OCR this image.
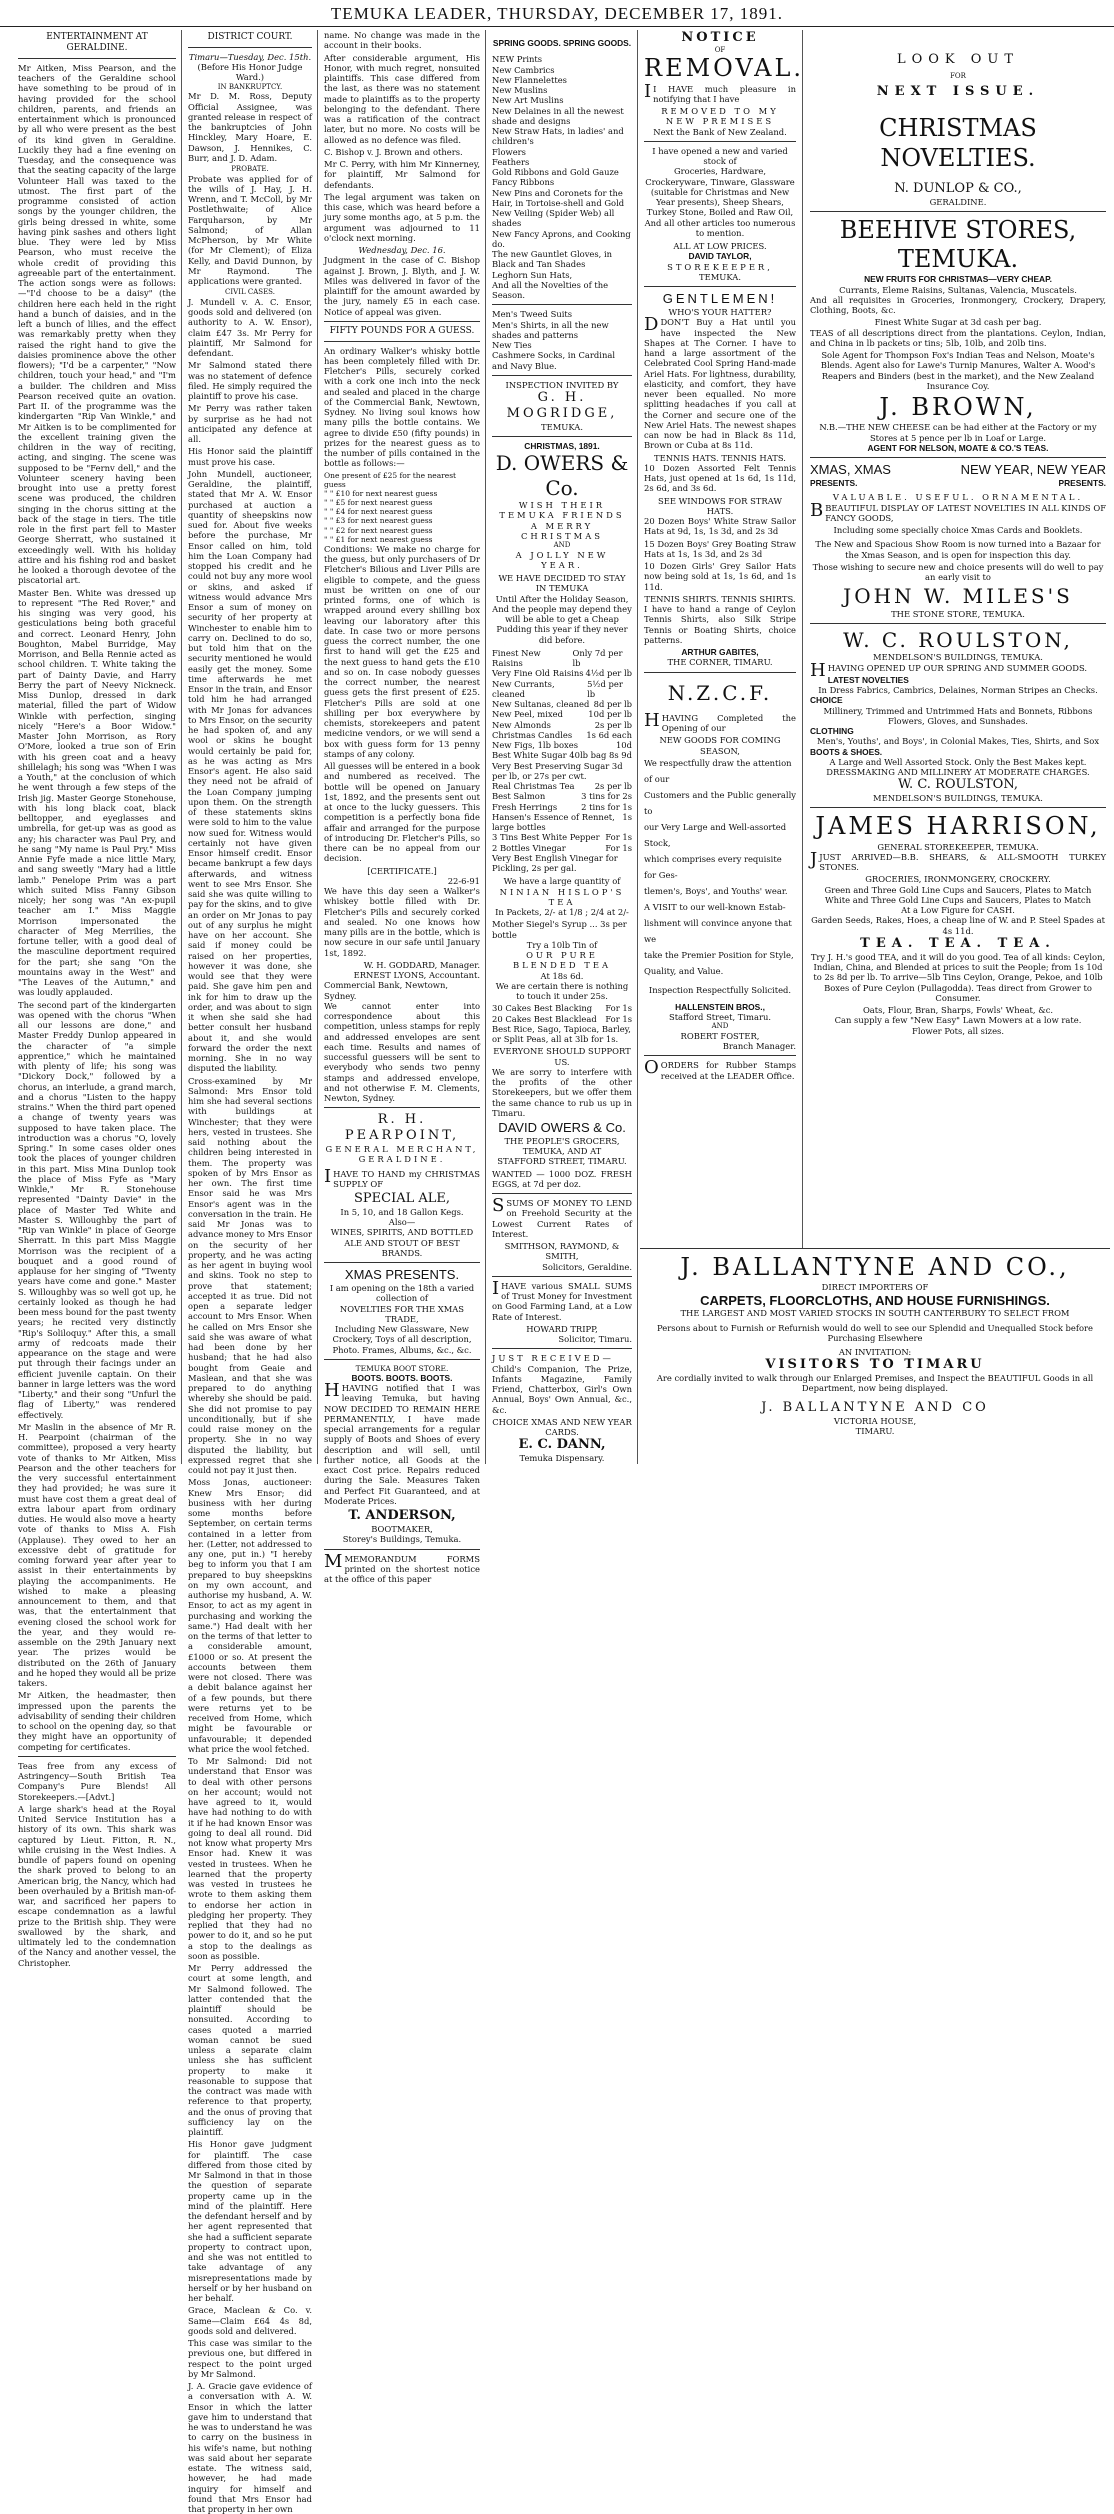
TEMUKA LEADER, THURSDAY, DECEMBER 17, 1891.
ENTERTAINMENT AT GERALDINE.

Mr Aitken, Miss Pearson, and the teachers of the Geraldine school have something to be proud of in having provided for the school children, parents, and friends an entertainment which is pronounced by all who were present as the best of its kind given in Geraldine. Luckily they had a fine evening on Tuesday, and the consequence was that the seating capacity of the large Volunteer Hall was taxed to the utmost. The first part of the programme consisted of action songs by the younger children, the girls being dressed in white, some having pink sashes and others light blue. They were led by Miss Pearson, who must receive the whole credit of providing this agreeable part of the entertainment. The action songs were as follows:—"I'd choose to be a daisy" (the children here each held in the right hand a bunch of daisies, and in the left a bunch of lilies, and the effect was remarkably pretty when they raised the right hand to give the daisies prominence above the other flowers); "I'd be a carpenter," "Now children, touch your head," and "I'm a builder. The children and Miss Pearson received quite an ovation. Part II. of the programme was the kindergarten "Rip Van Winkle," and Mr Aitken is to be complimented for the excellent training given the children in the way of reciting, acting, and singing. The scene was supposed to be "Fernv dell," and the Volunteer scenery having been brought into use a pretty forest scene was produced, the children singing in the chorus sitting at the back of the stage in tiers. The title role in the first part fell to Master George Sherratt, who sustained it exceedingly well. With his holiday attire and his fishing rod and basket he looked a thorough devotee of the piscatorial art.

Master Ben. White was dressed up to represent "The Red Rover," and his singing was very good, his gesticulations being both graceful and correct. Leonard Henry, John Boughton, Mabel Burridge, May Morrison, and Bella Rennie acted as school children. T. White taking the part of Dainty Davie, and Harry Berry the part of Neevy Nickneck. Miss Dunlop, dressed in dark material, filled the part of Widow Winkle with perfection, singing nicely "Here's a Boor Widow." Master John Morrison, as Rory O'More, looked a true son of Erin with his green coat and a heavy shillelagh; his song was "When I was a Youth," at the conclusion of which he went through a few steps of the Irish jig. Master George Stonehouse, with his long black coat, black belltopper, and eyeglasses and umbrella, for get-up was as good as any; his character was Paul Pry, and he sang "My name is Paul Pry." Miss Annie Fyfe made a nice little Mary, and sang sweetly "Mary had a little lamb." Penelope Prim was a part which suited Miss Fanny Gibson nicely; her song was "An ex-pupil teacher am I." Miss Maggie Morrison impersonated the character of Meg Merrilies, the fortune teller, with a good deal of the masculine deportment required for the part; she sang "On the mountains away in the West" and "The Leaves of the Autumn," and was loudly applauded.

The second part of the kindergarten was opened with the chorus "When all our lessons are done," and Master Freddy Dunlop appeared in the character of "a simple apprentice," which he maintained with plenty of life; his song was "Dickory Dock," followed by a chorus, an interlude, a grand march, and a chorus "Listen to the happy strains." When the third part opened a change of twenty years was supposed to have taken place. The introduction was a chorus "O, lovely Spring." In some cases older ones took the places of younger children in this part. Miss Mina Dunlop took the place of Miss Fyfe as "Mary Winkle," Mr R. Stonehouse represented "Dainty Davie" in the place of Master Ted White and Master S. Willoughby the part of "Rip van Winkle" in place of George Sherratt. In this part Miss Maggie Morrison was the recipient of a bouquet and a good round of applause for her singing of "Twenty years have come and gone." Master S. Willoughby was so well got up, he certainly looked as though he had been mess bound for the past twenty years; he recited very distinctly "Rip's Soliloquy." After this, a small army of redcoats made their appearance on the stage and were put through their facings under an efficient juvenile captain. On their banner in large letters was the word "Liberty," and their song "Unfurl the flag of Liberty," was rendered effectively.

Mr Maslin in the absence of Mr R. H. Pearpoint (chairman of the committee), proposed a very hearty vote of thanks to Mr Aitken, Miss Pearson and the other teachers for the very successful entertainment they had provided; he was sure it must have cost them a great deal of extra labour apart from ordinary duties. He would also move a hearty vote of thanks to Miss A. Fish (Applause). They owed to her an excessive debt of gratitude for coming forward year after year to assist in their entertainments by playing the accompaniments. He wished to make a pleasing announcement to them, and that was, that the entertainment that evening closed the school work for the year, and they would re-assemble on the 29th January next year. The prizes would be distributed on the 26th of January and he hoped they would all be prize takers.

Mr Aitken, the headmaster, then impressed upon the parents the advisability of sending their children to school on the opening day, so that they might have an opportunity of competing for certificates.

Teas free from any excess of Astringency—South British Tea Company's Pure Blends! All Storekeepers.—[Advt.]

A large shark's head at the Royal United Service Institution has a history of its own. This shark was captured by Lieut. Fitton, R. N., while cruising in the West Indies. A bundle of papers found on opening the shark proved to belong to an American brig, the Nancy, which had been overhauled by a British man-of-war, and sacrificed her papers to escape condemnation as a lawful prize to the British ship. They were swallowed by the shark, and ultimately led to the condemnation of the Nancy and another vessel, the Christopher.

DISTRICT COURT.
Timaru—Tuesday, Dec. 15th.
(Before His Honor Judge Ward.)
IN BANKRUPTCY.

Mr D. M. Ross, Deputy Official Assignee, was granted release in respect of the bankruptcies of John Hinckley, Mary Hoare, E. Dawson, J. Hennikes, C. Burr, and J. D. Adam.

PROBATE.

Probate was applied for of the wills of J. Hay, J. H. Wrenn, and T. McColl, by Mr Postlethwaite; of Alice Farquharson, by Mr Salmond; of Allan McPherson, by Mr White (for Mr Clement); of Eliza Kelly, and David Dunnon, by Mr Raymond. The applications were granted.

CIVIL CASES.

J. Mundell v. A. C. Ensor, goods sold and delivered (on authority to A. W. Ensor), claim £47 3s. Mr Perry for plaintiff, Mr Salmond for defendant.

Mr Salmond stated there was no statement of defence filed. He simply required the plaintiff to prove his case.

Mr Perry was rather taken by surprise as he had not anticipated any defence at all.

His Honor said the plaintiff must prove his case.

John Mundell, auctioneer, Geraldine, the plaintiff, stated that Mr A. W. Ensor purchased at auction a quantity of sheepskins now sued for. About five weeks before the purchase, Mr Ensor called on him, told him the Loan Company had stopped his credit and he could not buy any more wool or skins, and asked if witness would advance Mrs Ensor a sum of money on security of her property at Winchester to enable him to carry on. Declined to do so, but told him that on the security mentioned he would easily get the money. Some time afterwards he met Ensor in the train, and Ensor told him he had arranged with Mr Jonas for advances to Mrs Ensor, on the security he had spoken of, and any wool or skins he bought would certainly be paid for, as he was acting as Mrs Ensor's agent. He also said they need not be afraid of the Loan Company jumping upon them. On the strength of these statements skins were sold to him to the value now sued for. Witness would certainly not have given Ensor himself credit. Ensor became bankrupt a few days afterwards, and witness went to see Mrs Ensor. She said she was quite willing to pay for the skins, and to give an order on Mr Jonas to pay out of any surplus he might have on her account. She said if money could be raised on her properties, however it was done, she would see that they were paid. She gave him pen and ink for him to draw up the order, and was about to sign it when she said she had better consult her husband about it, and she would forward the order the next morning. She in no way disputed the liability.

Cross-examined by Mr Salmond: Mrs Ensor told him she had several sections with buildings at Winchester; that they were hers, vested in trustees. She said nothing about the children being interested in them. The property was spoken of by Mrs Ensor as her own. The first time Ensor said he was Mrs Ensor's agent was in the conversation in the train. He said Mr Jonas was to advance money to Mrs Ensor on the security of her property, and he was acting as her agent in buying wool and skins. Took no step to prove that statement; accepted it as true. Did not open a separate ledger account to Mrs Ensor. When he called on Mrs Ensor she said she was aware of what had been done by her husband; that he had also bought from Geaie and Maslean, and that she was prepared to do anything whereby she should be paid. She did not promise to pay unconditionally, but if she could raise money on the property. She in no way disputed the liability, but expressed regret that she could not pay it just then.

Moss Jonas, auctioneer: Knew Mrs Ensor; did business with her during some months before September, on certain terms contained in a letter from her. (Letter, not addressed to any one, put in.) "I hereby beg to inform you that I am prepared to buy sheepskins on my own account, and authorise my husband, A. W. Ensor, to act as my agent in purchasing and working the same.") Had dealt with her on the terms of that letter to a considerable amount, £1000 or so. At present the accounts between them were not closed. There was a debit balance against her of a few pounds, but there were returns yet to be received from Home, which might be favourable or unfavourable; it depended what price the wool fetched.

To Mr Salmond: Did not understand that Ensor was to deal with other persons on her account; would not have agreed to it, would have had nothing to do with it if he had known Ensor was going to deal all round. Did not know what property Mrs Ensor had. Knew it was vested in trustees. When he learned that the property was vested in trustees he wrote to them asking them to endorse her action in pledging her property. They replied that they had no power to do it, and so he put a stop to the dealings as soon as possible.

Mr Perry addressed the court at some length, and Mr Salmond followed. The latter contended that the plaintiff should be nonsuited. According to cases quoted a married woman cannot be sued unless a separate claim unless she has sufficient property to make it reasonable to suppose that the contract was made with reference to that property, and the onus of proving that sufficiency lay on the plaintiff.

His Honor gave judgment for plaintiff. The case differed from those cited by Mr Salmond in that in those the question of separate property came up in the mind of the plaintiff. Here the defendant herself and by her agent represented that she had a sufficient separate property to contract upon, and she was not entitled to take advantage of any misrepresentations made by herself or by her husband on her behalf.

Grace, Maclean & Co. v. Same—Claim £64 4s 8d, goods sold and delivered.

This case was similar to the previous one, but differed in respect to the point urged by Mr Salmond.

J. A. Gracie gave evidence of a conversation with A. W. Ensor in which the latter gave him to understand that he was to understand he was to carry on the business in his wife's name, but nothing was said about her separate estate. The witness said, however, he had made inquiry for himself and found that Mrs Ensor had that property in her own

name. No change was made in the account in their books.

After considerable argument, His Honor, with much regret, nonsuited plaintiffs. This case differed from the last, as there was no statement made to plaintiffs as to the property belonging to the defendant. There was a ratification of the contract later, but no more. No costs will be allowed as no defence was filed.

C. Bishop v. J. Brown and others.

Mr C. Perry, with him Mr Kinnerney, for plaintiff, Mr Salmond for defendants.

The legal argument was taken on this case, which was heard before a jury some months ago, at 5 p.m. the argument was adjourned to 11 o'clock next morning.

Wednesday, Dec. 16.

Judgment in the case of C. Bishop against J. Brown, J. Blyth, and J. W. Miles was delivered in favor of the plaintiff for the amount awarded by the jury, namely £5 in each case. Notice of appeal was given.

FIFTY POUNDS FOR A GUESS.

An ordinary Walker's whisky bottle has been completely filled with Dr. Fletcher's Pills, securely corked with a cork one inch into the neck and sealed and placed in the charge of the Commercial Bank, Newtown, Sydney. No living soul knows how many pills the bottle contains. We agree to divide £50 (fifty pounds) in prizes for the nearest guess as to the number of pills contained in the bottle as follows:—

One present of £25 for the nearest guess
" " £10 for next nearest guess
" " £5 for next nearest guess
" " £4 for next nearest guess
" " £3 for next nearest guess
" " £2 for next nearest guess
" " £1 for next nearest guess

Conditions: We make no charge for the guess, but only purchasers of Dr Fletcher's Bilious and Liver Pills are eligible to compete, and the guess must be written on one of our printed forms, one of which is wrapped around every shilling box leaving our laboratory after this date. In case two or more persons guess the correct number, the one first to hand will get the £25 and the next guess to hand gets the £10 and so on. In case nobody guesses the correct number, the nearest guess gets the first present of £25. Fletcher's Pills are sold at one shilling per box everywhere by chemists, storekeepers and patent medicine vendors, or we will send a box with guess form for 13 penny stamps of any colony.

All guesses will be entered in a book and numbered as received. The bottle will be opened on January 1st, 1892, and the presents sent out at once to the lucky guessers. This competition is a perfectly bona fide affair and arranged for the purpose of introducing Dr. Fletcher's Pills, so there can be no appeal from our decision.

[CERTIFICATE.]
22-6-91

We have this day seen a Walker's whiskey bottle filled with Dr. Fletcher's Pills and securely corked and sealed. No one knows how many pills are in the bottle, which is now secure in our safe until January 1st, 1892.

W. H. GODDARD, Manager.
ERNEST LYONS, Accountant.
Commercial Bank, Newtown, Sydney.

We cannot enter into correspondence about this competition, unless stamps for reply and addressed envelopes are sent each time. Results and names of successful guessers will be sent to everybody who sends two penny stamps and addressed envelope, and not otherwise F. M. Clements, Newton, Sydney.

R. H. PEARPOINT,
GENERAL MERCHANT,
GERALDINE.

IHAVE TO HAND my CHRISTMAS SUPPLY OF

SPECIAL ALE,
In 5, 10, and 18 Gallon Kegs.
Also—
WINES, SPIRITS, AND BOTTLED ALE AND STOUT OF BEST BRANDS.
XMAS PRESENTS.
I am opening on the 18th a varied collection of
NOVELTIES FOR THE XMAS TRADE,
Including New Glassware, New Crockery, Toys of all description, Photo. Frames, Albums, &c., &c.
TEMUKA BOOT STORE.
BOOTS. BOOTS. BOOTS.

HHAVING notified that I was leaving Temuka, but having NOW DECIDED TO REMAIN HERE PERMANENTLY, I have made special arrangements for a regular supply of Boots and Shoes of every description and will sell, until further notice, all Goods at the exact Cost price. Repairs reduced during the Sale. Measures Taken and Perfect Fit Guaranteed, and at Moderate Prices.

T. ANDERSON,
BOOTMAKER,
Storey's Buildings, Temuka.

MMEMORANDUM FORMS printed on the shortest notice at the office of this paper

SPRING GOODS. SPRING GOODS.
NEW Prints
New Cambrics
New Flannelettes
New Muslins
New Art Muslins
New Delaines in all the newest shade and designs
New Straw Hats, in ladies' and children's
Flowers
Feathers
Gold Ribbons and Gold Gauze
Fancy Ribbons
New Pins and Coronets for the Hair, in Tortoise-shell and Gold
New Veiling (Spider Web) all shades
New Fancy Aprons, and Cooking do.
The new Gauntlet Gloves, in Black and Tan Shades
Leghorn Sun Hats,
And all the Novelties of the Season.
Men's Tweed Suits
Men's Shirts, in all the new shades and patterns
New Ties
Cashmere Socks, in Cardinal and Navy Blue.
INSPECTION INVITED BY
G. H. MOGRIDGE,
TEMUKA.
CHRISTMAS, 1891.
D. OWERS & Co.
WISH THEIR TEMUKA FRIENDS
A MERRY CHRISTMAS
AND
A JOLLY NEW YEAR.
WE HAVE DECIDED TO STAY IN TEMUKA
Until After the Holiday Season,
And the people may depend they will be able to get a Cheap Pudding this year if they never did before.
Finest New Raisins
Only 7d per lb
Very Fine Old Raisins 4½d per lb
New Currants, cleaned
5½d per lb
New Sultanas, cleaned 8d per lb
New Peel, mixed	10d per lb
New Almonds	2s per lb
Christmas Candles 1s 6d each
New Figs, 1lb boxes	10d
Best White Sugar 40lb bag 8s 9d
Very Best Preserving Sugar 3d per lb, or 27s per cwt.
Real Christmas Tea 2s per lb
Best Salmon	3 tins for 2s
Fresh Herrings	2 tins for 1s
Hansen's Essence of Rennet, large bottles
1s
3 Tins Best White Pepper For 1s
2 Bottles Vinegar	For 1s
Very Best English Vinegar for Pickling, 2s per gal.
We have a large quantity of
NINIAN HISLOP'S TEA
In Packets, 2/- at 1/8 ; 2/4 at 2/-
Mother Siegel's Syrup ... 3s per bottle
Try a 10lb Tin of
OUR PURE BLENDED TEA
At 18s 6d.
We are certain there is nothing to touch it under 25s.
30 Cakes Best Blacking For 1s
20 Cakes Best Blacklead For 1s
Best Rice, Sago, Tapioca, Barley, or Split Peas, all at 3lb for 1s.
EVERYONE SHOULD SUPPORT US.

We are sorry to interfere with the profits of the other Storekeepers, but we offer them the same chance to rub us up in Timaru.

DAVID OWERS & Co.
THE PEOPLE'S GROCERS, TEMUKA, AND AT
STAFFORD STREET, TIMARU.

WANTED — 1000 DOZ. FRESH EGGS, at 7d per doz.

SSUMS OF MONEY TO LEND on Freehold Security at the Lowest Current Rates of Interest.

SMITHSON, RAYMOND, & SMITH,
Solicitors, Geraldine.

IHAVE various SMALL SUMS of Trust Money for Investment on Good Farming Land, at a Low Rate of Interest.

HOWARD TRIPP,
Solicitor, Timaru.
JUST RECEIVED—

Child's Companion, The Prize, Infants Magazine, Family Friend, Chatterbox, Girl's Own Annual, Boys' Own Annual, &c., &c.

CHOICE XMAS AND NEW YEAR CARDS.
E. C. DANN,
Temuka Dispensary.
NOTICE
OF
REMOVAL.

I I HAVE much pleasure in notifying that I have

REMOVED TO MY NEW PREMISES
Next the Bank of New Zealand.
I have opened a new and varied stock of
Groceries, Hardware, Crockeryware, Tinware, Glassware (suitable for Christmas and New Year presents), Sheep Shears, Turkey Stone, Boiled and Raw Oil, And all other articles too numerous to mention.
ALL AT LOW PRICES.
DAVID TAYLOR,
STOREKEEPER,
TEMUKA.
GENTLEMEN!
WHO'S YOUR HATTER?

DDON'T Buy a Hat until you have inspected the New Shapes at The Corner. I have to hand a large assortment of the Celebrated Cool Spring Hand-made Ariel Hats. For lightness, durability, elasticity, and comfort, they have never been equalled. No more splitting headaches if you call at the Corner and secure one of the New Ariel Hats. The newest shapes can now be had in Black 8s 11d, Brown or Cuba at 8s 11d.

TENNIS HATS. TENNIS HATS.

10 Dozen Assorted Felt Tennis Hats, just opened at 1s 6d, 1s 11d, 2s 6d, and 3s 6d.

SEE WINDOWS FOR STRAW HATS.

20 Dozen Boys' White Straw Sailor Hats at 9d, 1s, 1s 3d, and 2s 3d

15 Dozen Boys' Grey Boating Straw Hats at 1s, 1s 3d, and 2s 3d

10 Dozen Girls' Grey Sailor Hats now being sold at 1s, 1s 6d, and 1s 11d.

TENNIS SHIRTS. TENNIS SHIRTS.

I have to hand a range of Ceylon Tennis Shirts, also Silk Stripe Tennis or Boating Shirts, choice patterns.

ARTHUR GABITES,
THE CORNER, TIMARU.
N.Z.C.F.

HHAVING Completed the Opening of our

NEW GOODS FOR COMING SEASON,
We respectfully draw the attention of our
Customers and the Public generally to
our Very Large and Well-assorted Stock,
which comprises every requisite for Ges-
tlemen's, Boys', and Youths' wear.
A VISIT to our well-known Estab-
lishment will convince anyone that we
take the Premier Position for Style,
Quality, and Value.
Inspection Respectfully Solicited.
HALLENSTEIN BROS.,
Stafford Street, Timaru.
AND
ROBERT FOSTER,
Branch Manager.

OORDERS for Rubber Stamps received at the LEADER Office.

LOOK OUT
FOR
NEXT ISSUE.
CHRISTMAS NOVELTIES.
N. DUNLOP & CO.,
GERALDINE.
BEEHIVE STORES, TEMUKA.
NEW FRUITS FOR CHRISTMAS—VERY CHEAP.
Currants, Eleme Raisins, Sultanas, Valencia, Muscatels.

And all requisites in Groceries, Ironmongery, Crockery, Drapery, Clothing, Boots, &c.

Finest White Sugar at 3d cash per bag.

TEAS of all descriptions direct from the plantations. Ceylon, Indian, and China in lb packets or tins; 5lb, 10lb, and 20lb tins.

Sole Agent for Thompson Fox's Indian Teas and Nelson, Moate's Blends. Agent also for Lawe's Turnip Manures, Walter A. Wood's Reapers and Binders (best in the market), and the New Zealand Insurance Coy.

J. BROWN,
N.B.—THE NEW CHEESE can be had either at the Factory or my Stores at 5 pence per lb in Loaf or Large.
AGENT FOR NELSON, MOATE & CO.'S TEAS.
XMAS, XMAS	NEW YEAR, NEW YEAR
PRESENTS.	PRESENTS.
VALUABLE. USEFUL. ORNAMENTAL.

BBEAUTIFUL DISPLAY OF LATEST NOVELTIES IN ALL KINDS OF FANCY GOODS,

Including some specially choice Xmas Cards and Booklets.

The New and Spacious Show Room is now turned into a Bazaar for the Xmas Season, and is open for inspection this day.

Those wishing to secure new and choice presents will do well to pay an early visit to

JOHN W. MILES'S
THE STONE STORE, TEMUKA.
W. C. ROULSTON,
MENDELSON'S BUILDINGS, TEMUKA.

HHAVING OPENED UP OUR SPRING AND SUMMER GOODS.

LATEST NOVELTIES
In Dress Fabrics, Cambrics, Delaines, Norman Stripes an Checks.
CHOICE
Millinery, Trimmed and Untrimmed Hats and Bonnets, Ribbons Flowers, Gloves, and Sunshades.
CLOTHING
Men's, Youths', and Boys', in Colonial Makes, Ties, Shirts, and Sox
BOOTS & SHOES.
A Large and Well Assorted Stock. Only the Best Makes kept.
DRESSMAKING AND MILLINERY AT MODERATE CHARGES.
W. C. ROULSTON,
MENDELSON'S BUILDINGS, TEMUKA.
JAMES HARRISON,
GENERAL STOREKEEPER, TEMUKA.

JJUST ARRIVED—B.B. SHEARS, & ALL-SMOOTH TURKEY STONES.

GROCERIES, IRONMONGERY, CROCKERY.
Green and Three Gold Line Cups and Saucers, Plates to Match
White and Three Gold Line Cups and Saucers, Plates to Match
At a Low Figure for CASH.
Garden Seeds, Rakes, Hoes, a cheap line of W. and P. Steel Spades at 4s 11d.
TEA. TEA. TEA.

Try J. H.'s good TEA, and it will do you good. Tea of all kinds: Ceylon, Indian, China, and Blended at prices to suit the People; from 1s 10d to 2s 8d per lb. To arrive—5lb Tins Ceylon, Orange, Pekoe, and 10lb Boxes of Pure Ceylon (Pullagodda). Teas direct from Grower to Consumer.

Oats, Flour, Bran, Sharps, Fowls' Wheat, &c.
Can supply a few "New Easy" Lawn Mowers at a low rate.
Flower Pots, all sizes.
J. BALLANTYNE AND CO.,
DIRECT IMPORTERS OF
CARPETS, FLOORCLOTHS, AND HOUSE FURNISHINGS.
THE LARGEST AND MOST VARIED STOCKS IN SOUTH CANTERBURY TO SELECT FROM
Persons about to Furnish or Refurnish would do well to see our Splendid and Unequalled Stock before Purchasing Elsewhere
AN INVITATION:
VISITORS TO TIMARU
Are cordially invited to walk through our Enlarged Premises, and Inspect the BEAUTIFUL Goods in all Department, now being displayed.
J. BALLANTYNE AND CO
VICTORIA HOUSE,
TIMARU.
